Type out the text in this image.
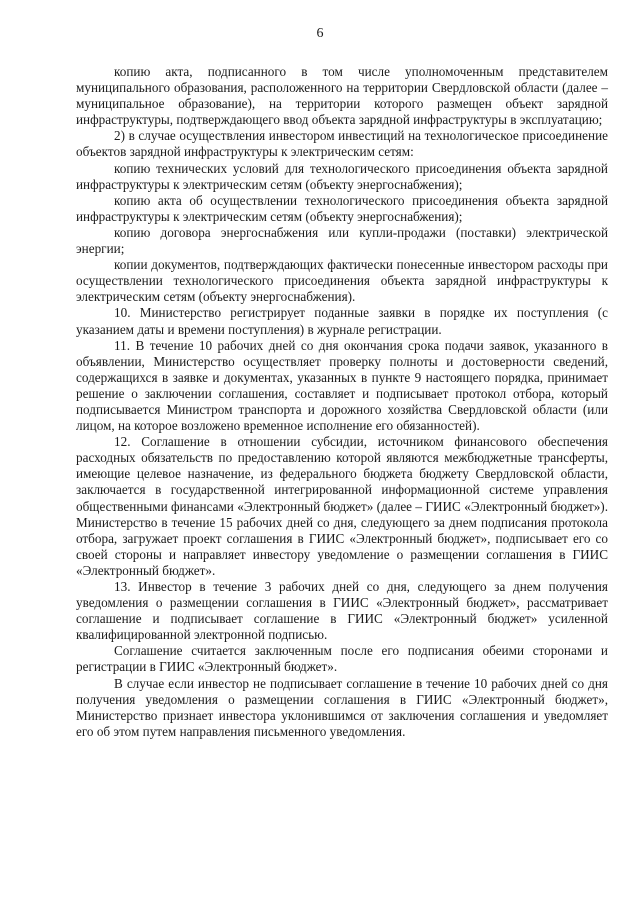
6

копию акта, подписанного в том числе уполномоченным представителем муниципального образования, расположенного на территории Свердловской области (далее – муниципальное образование), на территории которого размещен объект зарядной инфраструктуры, подтверждающего ввод объекта зарядной инфраструктуры в эксплуатацию;

2) в случае осуществления инвестором инвестиций на технологическое присоединение объектов зарядной инфраструктуры к электрическим сетям:

копию технических условий для технологического присоединения объекта зарядной инфраструктуры к электрическим сетям (объекту энергоснабжения);

копию акта об осуществлении технологического присоединения объекта зарядной инфраструктуры к электрическим сетям (объекту энергоснабжения);

копию договора энергоснабжения или купли-продажи (поставки) электрической энергии;

копии документов, подтверждающих фактически понесенные инвестором расходы при осуществлении технологического присоединения объекта зарядной инфраструктуры к электрическим сетям (объекту энергоснабжения).

10. Министерство регистрирует поданные заявки в порядке их поступления (с указанием даты и времени поступления) в журнале регистрации.

11. В течение 10 рабочих дней со дня окончания срока подачи заявок, указанного в объявлении, Министерство осуществляет проверку полноты и достоверности сведений, содержащихся в заявке и документах, указанных в пункте 9 настоящего порядка, принимает решение о заключении соглашения, составляет и подписывает протокол отбора, который подписывается Министром транспорта и дорожного хозяйства Свердловской области (или лицом, на которое возложено временное исполнение его обязанностей).

12. Соглашение в отношении субсидии, источником финансового обеспечения расходных обязательств по предоставлению которой являются межбюджетные трансферты, имеющие целевое назначение, из федерального бюджета бюджету Свердловской области, заключается в государственной интегрированной информационной системе управления общественными финансами «Электронный бюджет» (далее – ГИИС «Электронный бюджет»). Министерство в течение 15 рабочих дней со дня, следующего за днем подписания протокола отбора, загружает проект соглашения в ГИИС «Электронный бюджет», подписывает его со своей стороны и направляет инвестору уведомление о размещении соглашения в ГИИС «Электронный бюджет».

13. Инвестор в течение 3 рабочих дней со дня, следующего за днем получения уведомления о размещении соглашения в ГИИС «Электронный бюджет», рассматривает соглашение и подписывает соглашение в ГИИС «Электронный бюджет» усиленной квалифицированной электронной подписью.

Соглашение считается заключенным после его подписания обеими сторонами и регистрации в ГИИС «Электронный бюджет».

В случае если инвестор не подписывает соглашение в течение 10 рабочих дней со дня получения уведомления о размещении соглашения в ГИИС «Электронный бюджет», Министерство признает инвестора уклонившимся от заключения соглашения и уведомляет его об этом путем направления письменного уведомления.
